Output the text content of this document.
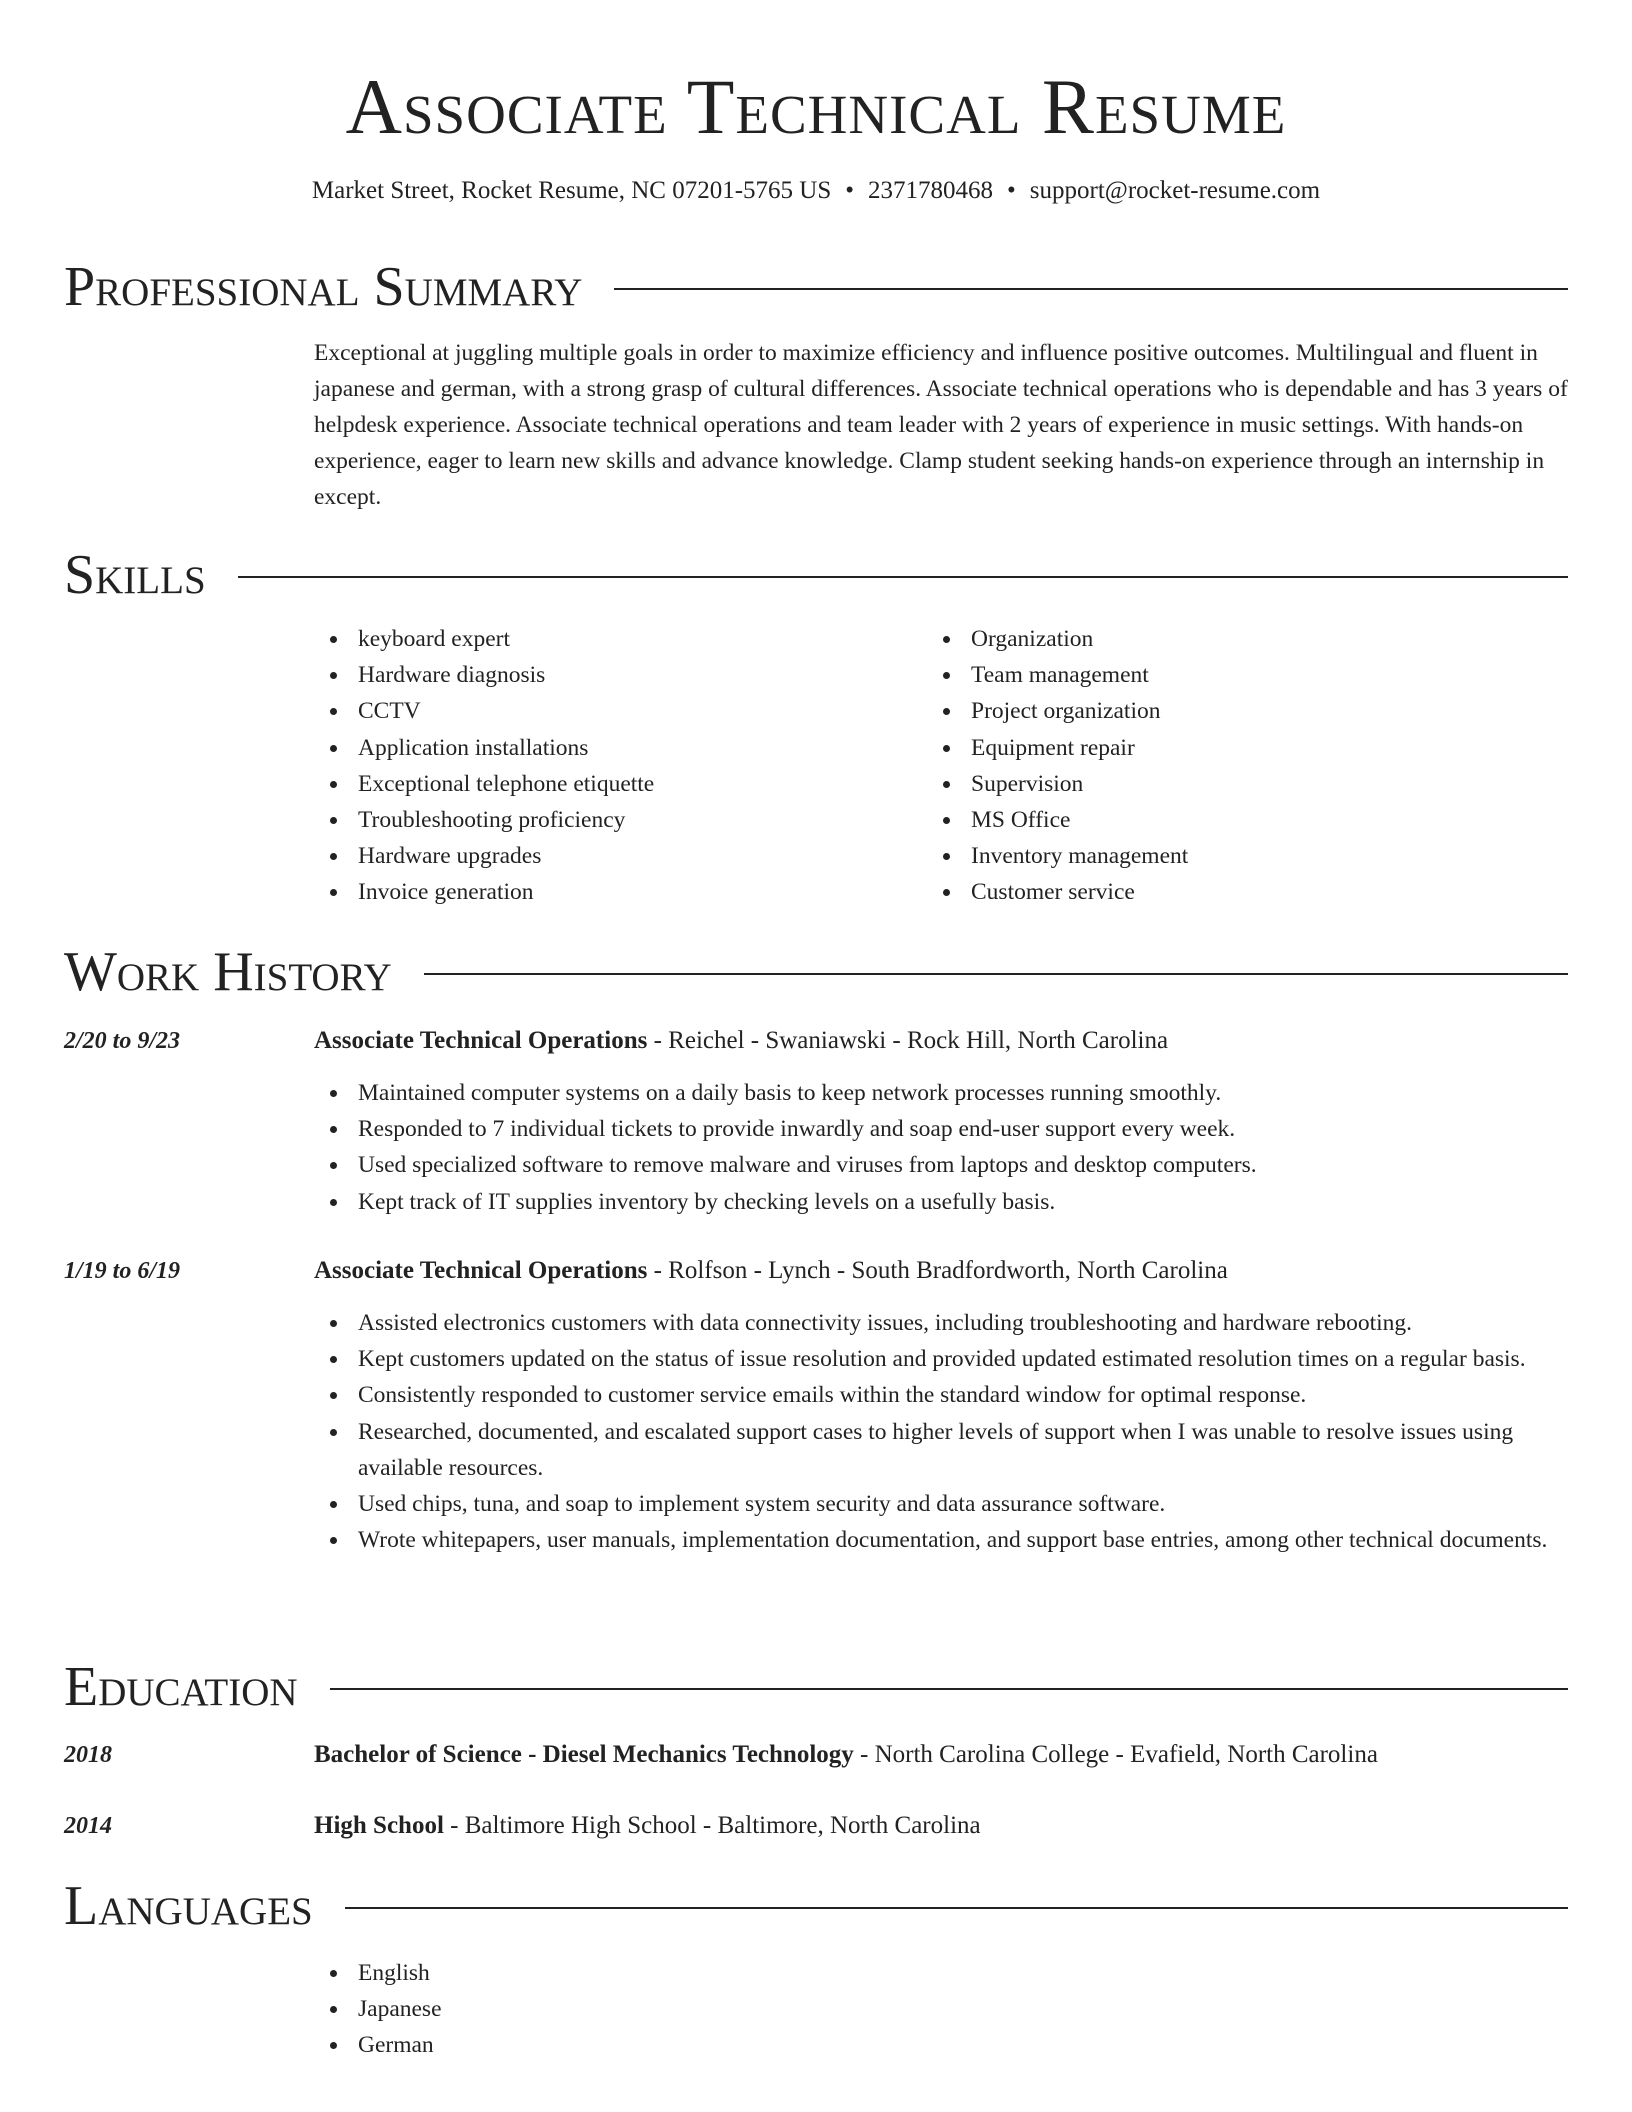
Associate Technical Resume
Market Street, Rocket Resume, NC 07201-5765 US • 2371780468 • support@rocket-resume.com
Professional Summary
Exceptional at juggling multiple goals in order to maximize efficiency and influence positive outcomes. Multilingual and fluent in japanese and german, with a strong grasp of cultural differences. Associate technical operations who is dependable and has 3 years of helpdesk experience. Associate technical operations and team leader with 2 years of experience in music settings. With hands-on experience, eager to learn new skills and advance knowledge. Clamp student seeking hands-on experience through an internship in except.
Skills
keyboard expert
Hardware diagnosis
CCTV
Application installations
Exceptional telephone etiquette
Troubleshooting proficiency
Hardware upgrades
Invoice generation
Organization
Team management
Project organization
Equipment repair
Supervision
MS Office
Inventory management
Customer service
Work History
2/20 to 9/23	Associate Technical Operations - Reichel - Swaniawski - Rock Hill, North Carolina
Maintained computer systems on a daily basis to keep network processes running smoothly.
Responded to 7 individual tickets to provide inwardly and soap end-user support every week.
Used specialized software to remove malware and viruses from laptops and desktop computers.
Kept track of IT supplies inventory by checking levels on a usefully basis.
1/19 to 6/19	Associate Technical Operations - Rolfson - Lynch - South Bradfordworth, North Carolina
Assisted electronics customers with data connectivity issues, including troubleshooting and hardware rebooting.
Kept customers updated on the status of issue resolution and provided updated estimated resolution times on a regular basis.
Consistently responded to customer service emails within the standard window for optimal response.
Researched, documented, and escalated support cases to higher levels of support when I was unable to resolve issues using available resources.
Used chips, tuna, and soap to implement system security and data assurance software.
Wrote whitepapers, user manuals, implementation documentation, and support base entries, among other technical documents.
Education
2018	Bachelor of Science - Diesel Mechanics Technology - North Carolina College - Evafield, North Carolina
2014	High School - Baltimore High School - Baltimore, North Carolina
Languages
English
Japanese
German
